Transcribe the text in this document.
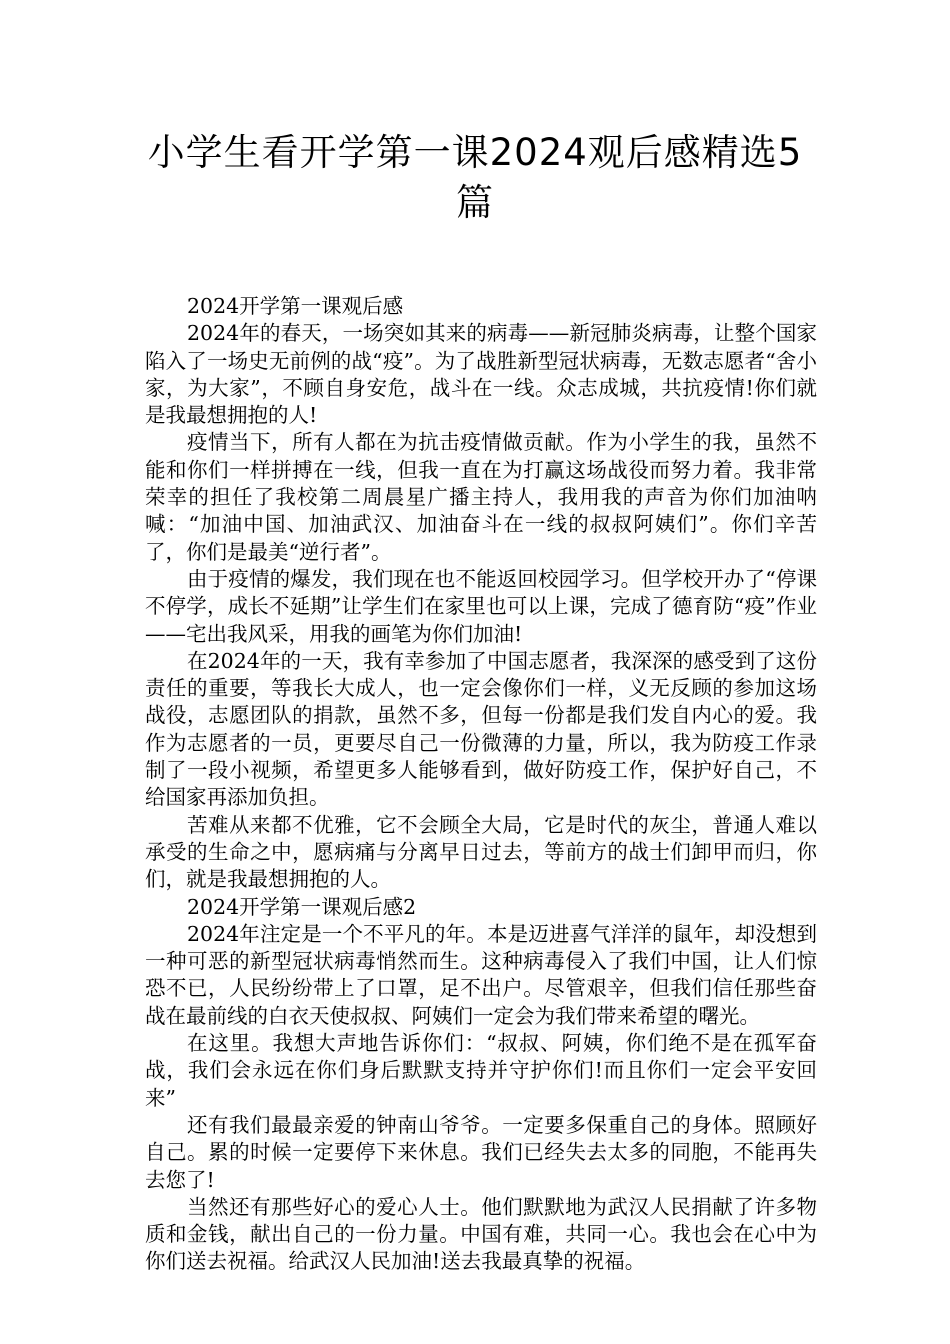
小学生看开学第一课2024观后感精选5篇

2024开学第一课观后感

2024年的春天，一场突如其来的病毒——新冠肺炎病毒，让整个国家陷入了一场史无前例的战“疫”。为了战胜新型冠状病毒，无数志愿者“舍小家，为大家”，不顾自身安危，战斗在一线。众志成城，共抗疫情!你们就是我最想拥抱的人!

疫情当下，所有人都在为抗击疫情做贡献。作为小学生的我，虽然不能和你们一样拼搏在一线，但我一直在为打赢这场战役而努力着。我非常荣幸的担任了我校第二周晨星广播主持人，我用我的声音为你们加油呐喊：“加油中国、加油武汉、加油奋斗在一线的叔叔阿姨们”。你们辛苦了，你们是最美“逆行者”。

由于疫情的爆发，我们现在也不能返回校园学习。但学校开办了“停课不停学，成长不延期”让学生们在家里也可以上课，完成了德育防“疫”作业——宅出我风采，用我的画笔为你们加油!

在2024年的一天，我有幸参加了中国志愿者，我深深的感受到了这份责任的重要，等我长大成人，也一定会像你们一样，义无反顾的参加这场战役，志愿团队的捐款，虽然不多，但每一份都是我们发自内心的爱。我作为志愿者的一员，更要尽自己一份微薄的力量，所以，我为防疫工作录制了一段小视频，希望更多人能够看到，做好防疫工作，保护好自己，不给国家再添加负担。

苦难从来都不优雅，它不会顾全大局，它是时代的灰尘，普通人难以承受的生命之中，愿病痛与分离早日过去，等前方的战士们卸甲而归，你们，就是我最想拥抱的人。

2024开学第一课观后感2

2024年注定是一个不平凡的年。本是迈进喜气洋洋的鼠年，却没想到一种可恶的新型冠状病毒悄然而生。这种病毒侵入了我们中国，让人们惊恐不已，人民纷纷带上了口罩，足不出户。尽管艰辛，但我们信任那些奋战在最前线的白衣天使叔叔、阿姨们一定会为我们带来希望的曙光。

在这里。我想大声地告诉你们：“叔叔、阿姨，你们绝不是在孤军奋战，我们会永远在你们身后默默支持并守护你们!而且你们一定会平安回来”

还有我们最最亲爱的钟南山爷爷。一定要多保重自己的身体。照顾好自己。累的时候一定要停下来休息。我们已经失去太多的同胞，不能再失去您了!

当然还有那些好心的爱心人士。他们默默地为武汉人民捐献了许多物质和金钱，献出自己的一份力量。中国有难，共同一心。我也会在心中为你们送去祝福。给武汉人民加油!送去我最真挚的祝福。
